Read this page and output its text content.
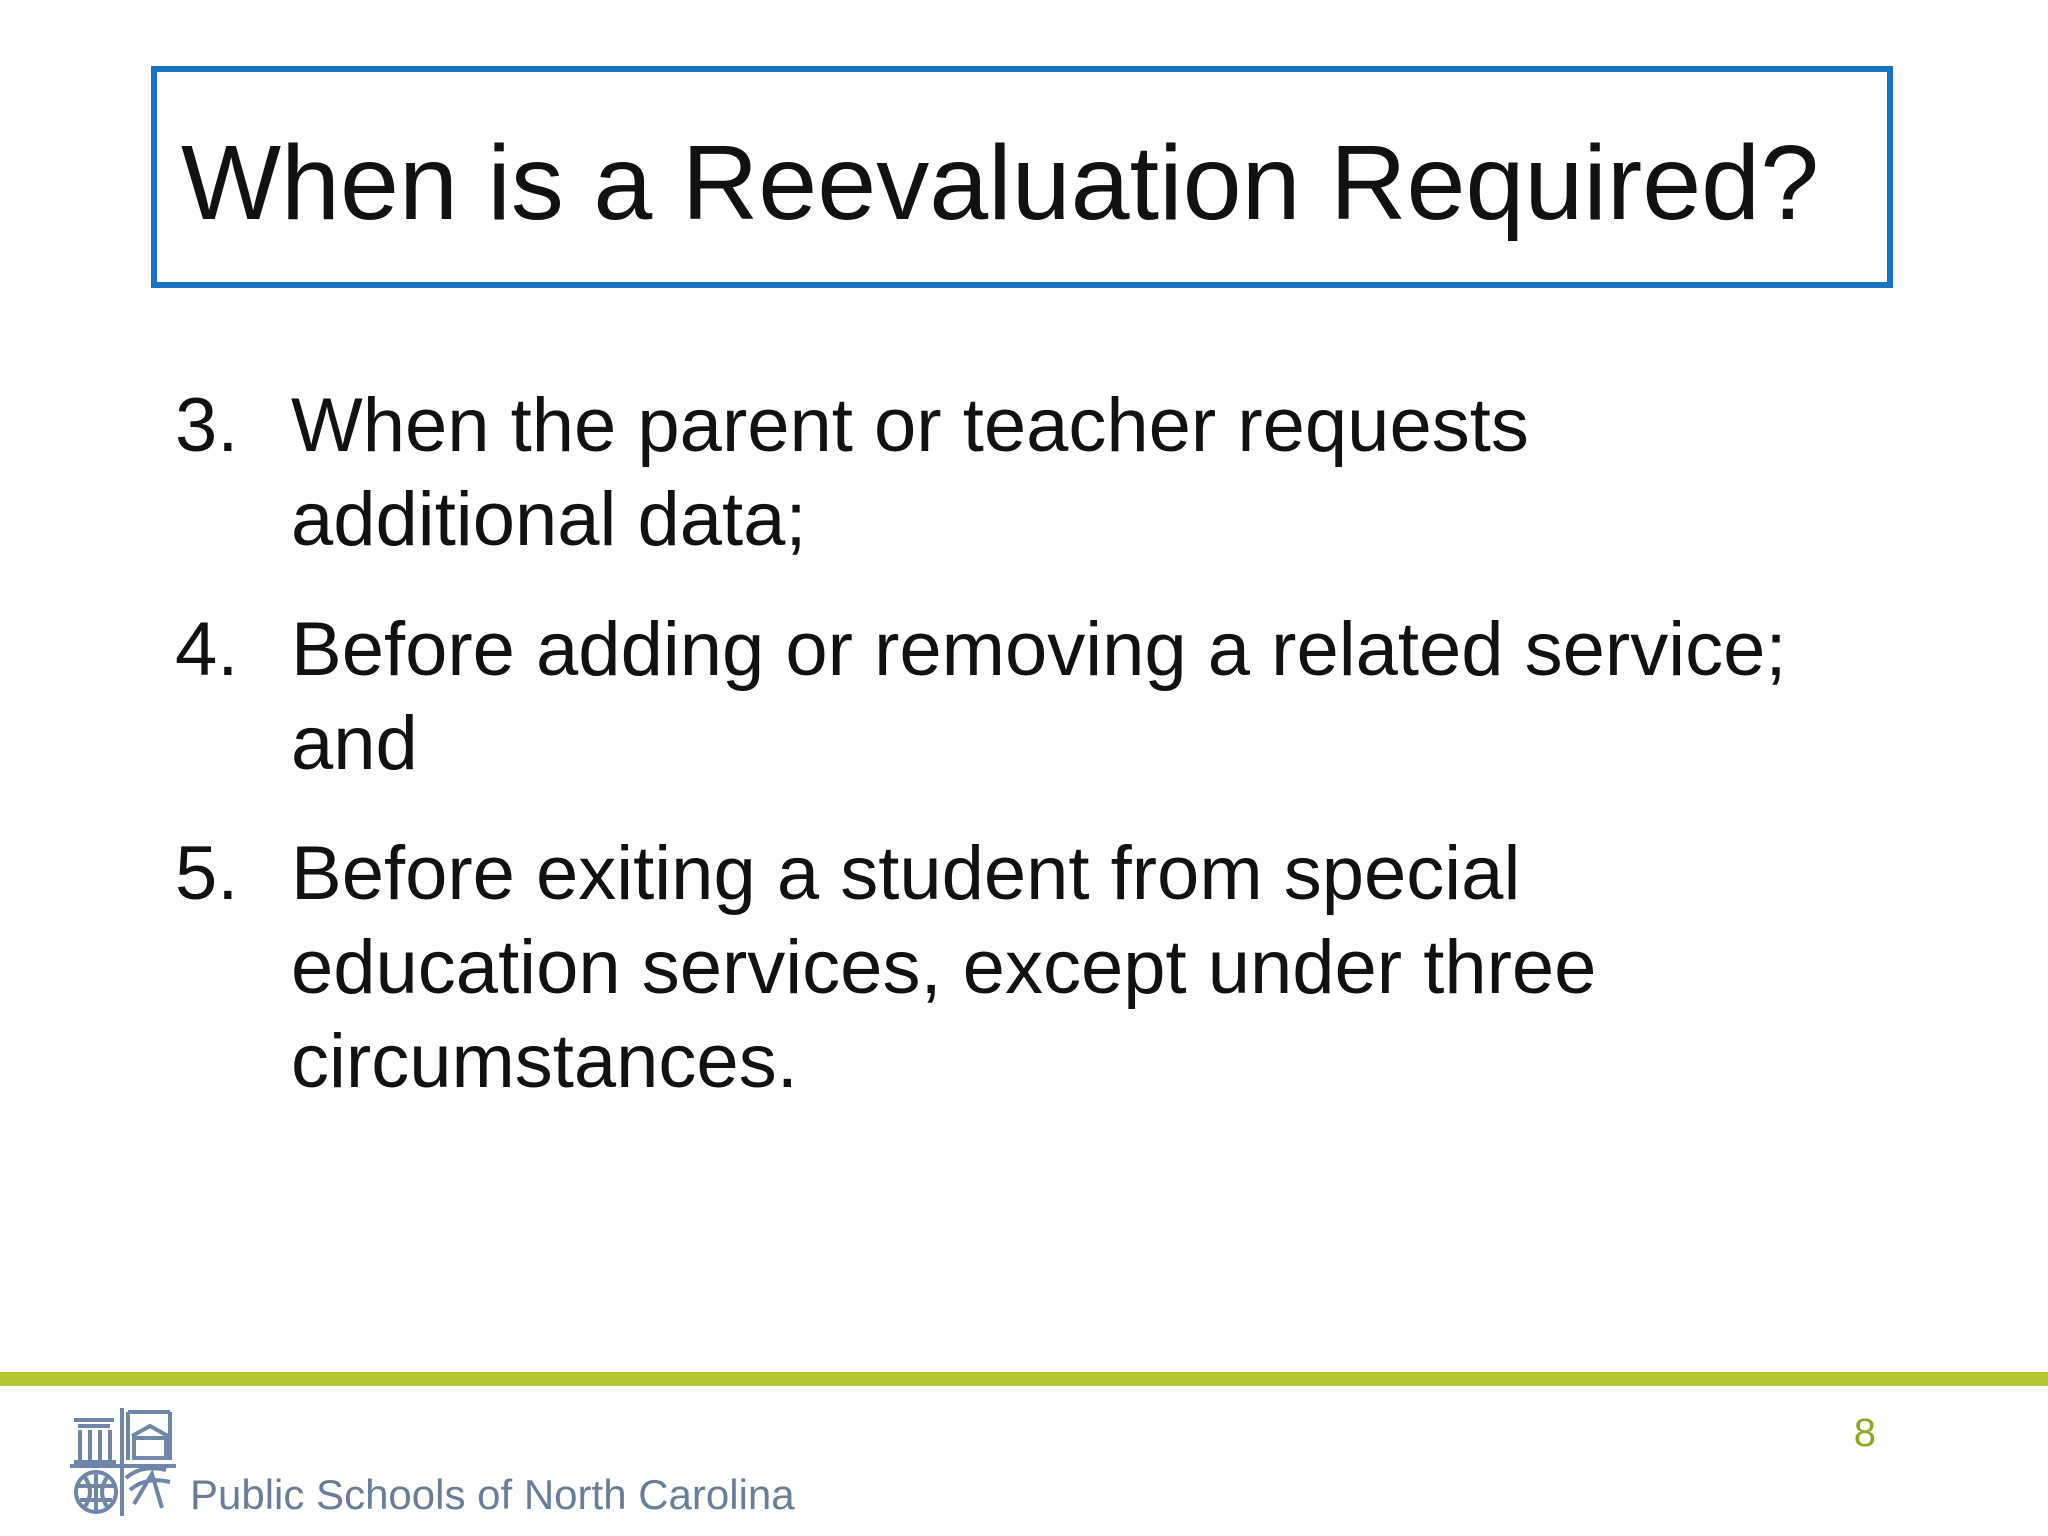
When is a Reevaluation Required?
3. When the parent or teacher requests
additional data;
4. Before adding or removing a related service;
and
5. Before exiting a student from special
education services, except under three
circumstances.
8
Public Schools of North Carolina
